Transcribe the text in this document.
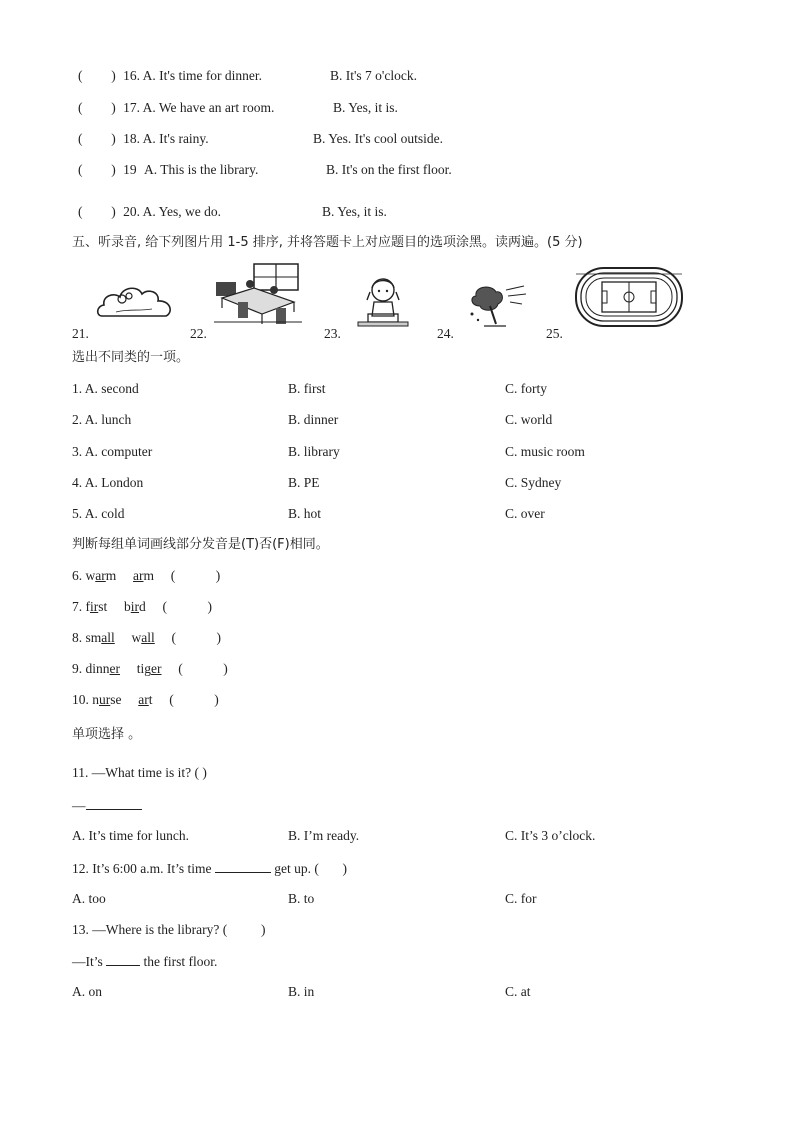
( ) 16. A. It's time for dinner.	B. It's 7 o'clock.
( ) 17. A. We have an art room.	B. Yes, it is.
( ) 18. A. It's rainy.	B. Yes. It's cool outside.
( ) 19 A. This is the library.	B. It's on the first floor.
( ) 20. A. Yes, we do.	B. Yes, it is.
五、听录音, 给下列图片用 1-5 排序, 并将答题卡上对应题目的选项涂黑。读两遍。(5 分)
21.	22.	23.	24.	25.
选出不同类的一项。
1. A. second	B. first	C. forty
2. A. lunch	B. dinner	C. world
3. A. computer	B. library	C. music room
4. A. London	B. PE	C. Sydney
5. A. cold	B. hot	C. over
判断每组单词画线部分发音是(T)否(F)相同。
6. warm arm (            )
7. first bird (            )
8. small wall (            )
9. dinner tiger (            )
10. nurse art (            )
单项选择 。
11. —What time is it? ( )
—
A. It’s time for lunch.	B. I’m ready.	C. It’s 3 o’clock.
12. It’s 6:00 a.m. It’s time	get up. (       )
A. too	B. to	C. for
13. —Where is the library? (          )
—It’s	the first floor.
A. on	B. in	C. at
